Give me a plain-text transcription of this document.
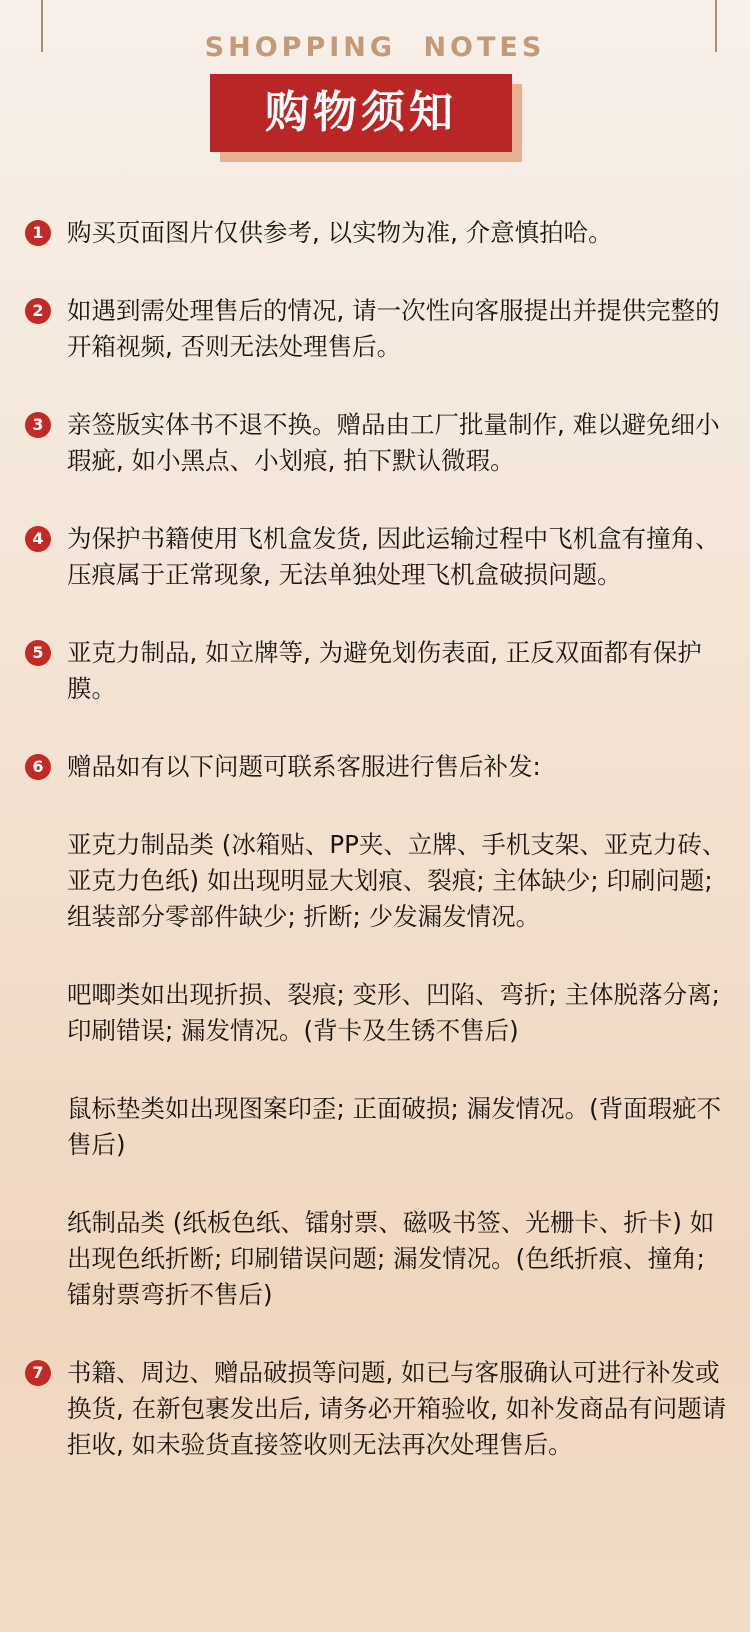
SHOPPING NOTES
购物须知
1 购买页面图片仅供参考, 以实物为准, 介意慎拍哈。
2 如遇到需处理售后的情况, 请一次性向客服提出并提供完整的开箱视频, 否则无法处理售后。
3 亲签版实体书不退不换。赠品由工厂批量制作, 难以避免细小瑕疵, 如小黑点、小划痕, 拍下默认微瑕。
4 为保护书籍使用飞机盒发货, 因此运输过程中飞机盒有撞角、压痕属于正常现象, 无法单独处理飞机盒破损问题。
5 亚克力制品, 如立牌等, 为避免划伤表面, 正反双面都有保护膜。
6 赠品如有以下问题可联系客服进行售后补发:
亚克力制品类 (冰箱贴、PP夹、立牌、手机支架、亚克力砖、亚克力色纸) 如出现明显大划痕、裂痕; 主体缺少; 印刷问题; 组装部分零部件缺少; 折断; 少发漏发情况。
吧唧类如出现折损、裂痕; 变形、凹陷、弯折; 主体脱落分离; 印刷错误; 漏发情况。(背卡及生锈不售后)
鼠标垫类如出现图案印歪; 正面破损; 漏发情况。(背面瑕疵不售后)
纸制品类 (纸板色纸、镭射票、磁吸书签、光栅卡、折卡) 如出现色纸折断; 印刷错误问题; 漏发情况。(色纸折痕、撞角; 镭射票弯折不售后)
7 书籍、周边、赠品破损等问题, 如已与客服确认可进行补发或换货, 在新包裹发出后, 请务必开箱验收, 如补发商品有问题请拒收, 如未验货直接签收则无法再次处理售后。
